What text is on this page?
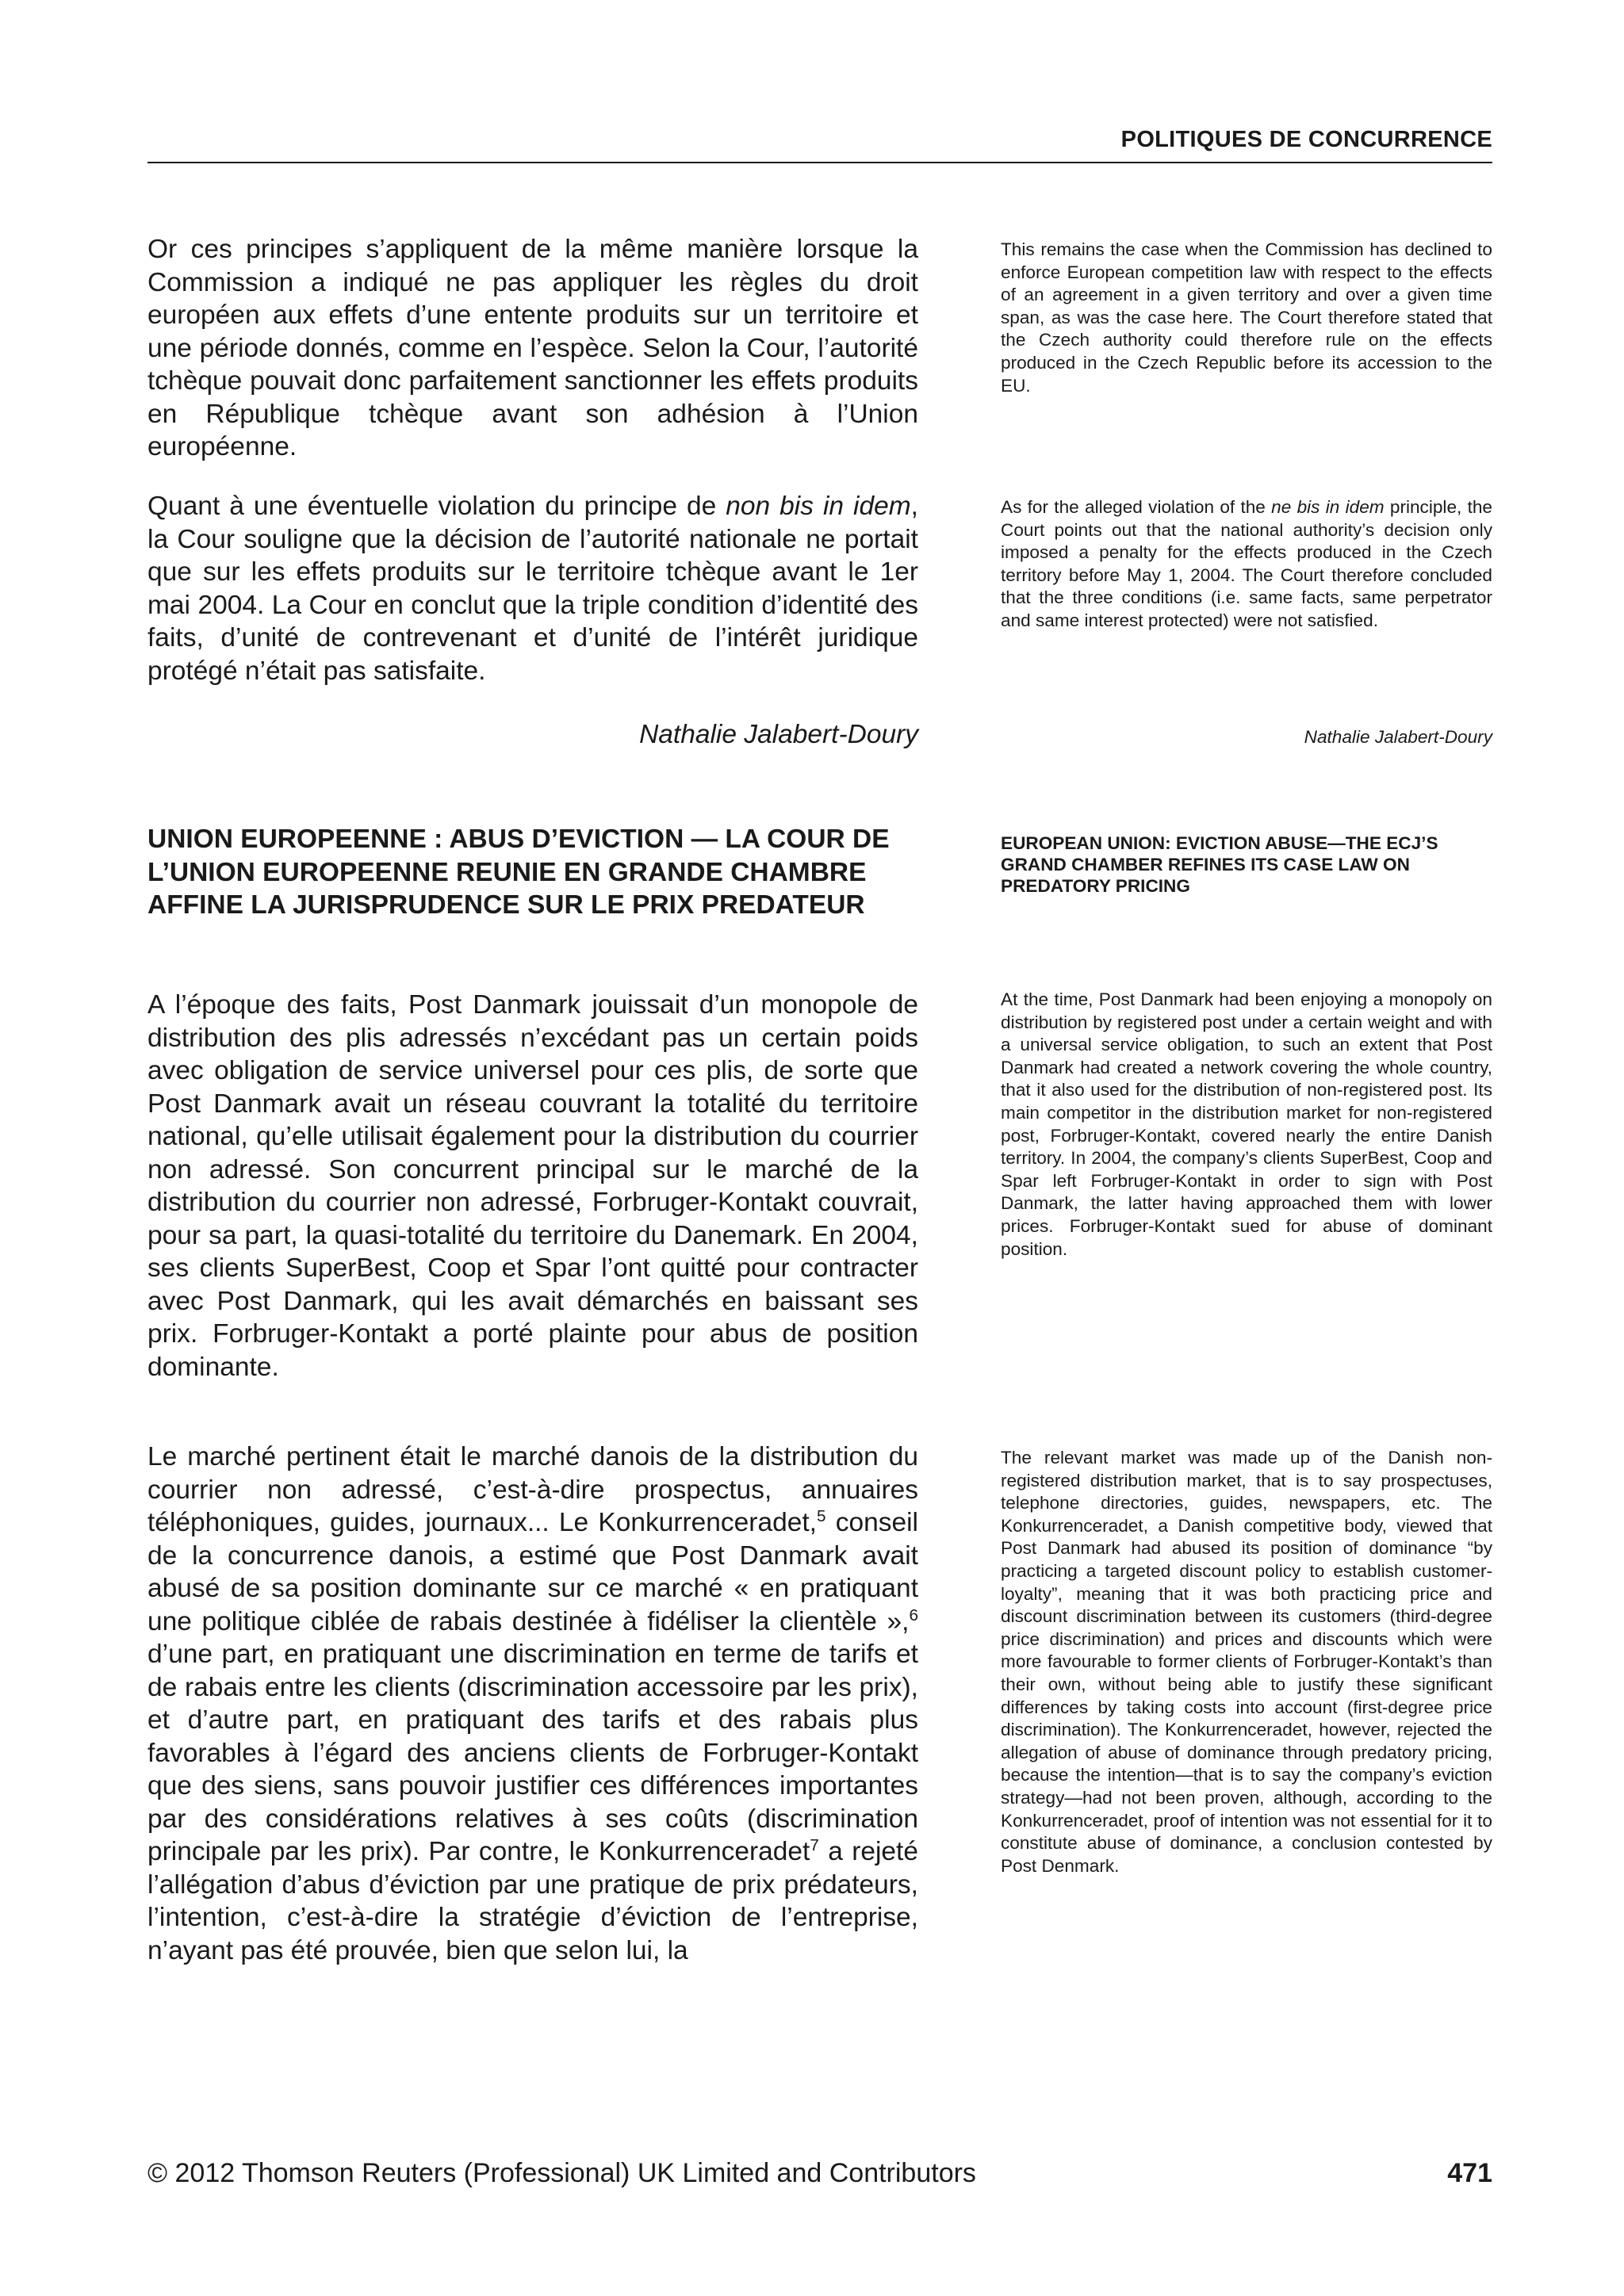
POLITIQUES DE CONCURRENCE

Or ces principes s’appliquent de la même manière lorsque la Commission a indiqué ne pas appliquer les règles du droit européen aux effets d’une entente produits sur un territoire et une période donnés, comme en l’espèce. Selon la Cour, l’autorité tchèque pouvait donc parfaitement sanctionner les effets produits en République tchèque avant son adhésion à l’Union européenne.

Quant à une éventuelle violation du principe de non bis in idem, la Cour souligne que la décision de l’autorité nationale ne portait que sur les effets produits sur le territoire tchèque avant le 1er mai 2004. La Cour en conclut que la triple condition d’identité des faits, d’unité de contrevenant et d’unité de l’intérêt juridique protégé n’était pas satisfaite.

Nathalie Jalabert-Doury

This remains the case when the Commission has declined to enforce European competition law with respect to the effects of an agreement in a given territory and over a given time span, as was the case here. The Court therefore stated that the Czech authority could therefore rule on the effects produced in the Czech Republic before its accession to the EU.

As for the alleged violation of the ne bis in idem principle, the Court points out that the national authority’s decision only imposed a penalty for the effects produced in the Czech territory before May 1, 2004. The Court therefore concluded that the three conditions (i.e. same facts, same perpetrator and same interest protected) were not satisfied.

Nathalie Jalabert-Doury
UNION EUROPEENNE : ABUS D’EVICTION — LA COUR DE L’UNION EUROPEENNE REUNIE EN GRANDE CHAMBRE AFFINE LA JURISPRUDENCE SUR LE PRIX PREDATEUR
EUROPEAN UNION: EVICTION ABUSE—THE ECJ’S GRAND CHAMBER REFINES ITS CASE LAW ON PREDATORY PRICING

A l’époque des faits, Post Danmark jouissait d’un monopole de distribution des plis adressés n’excédant pas un certain poids avec obligation de service universel pour ces plis, de sorte que Post Danmark avait un réseau couvrant la totalité du territoire national, qu’elle utilisait également pour la distribution du courrier non adressé. Son concurrent principal sur le marché de la distribution du courrier non adressé, Forbruger-Kontakt couvrait, pour sa part, la quasi-totalité du territoire du Danemark. En 2004, ses clients SuperBest, Coop et Spar l’ont quitté pour contracter avec Post Danmark, qui les avait démarchés en baissant ses prix. Forbruger-Kontakt a porté plainte pour abus de position dominante.

Le marché pertinent était le marché danois de la distribution du courrier non adressé, c’est-à-dire prospectus, annuaires téléphoniques, guides, journaux... Le Konkurrenceradet,$^5$ conseil de la concurrence danois, a estimé que Post Danmark avait abusé de sa position dominante sur ce marché « en pratiquant une politique ciblée de rabais destinée à fidéliser la clientèle »,$^6$ d’une part, en pratiquant une discrimination en terme de tarifs et de rabais entre les clients (discrimination accessoire par les prix), et d’autre part, en pratiquant des tarifs et des rabais plus favorables à l’égard des anciens clients de Forbruger-Kontakt que des siens, sans pouvoir justifier ces différences importantes par des considérations relatives à ses coûts (discrimination principale par les prix). Par contre, le Konkurrenceradet$^7$ a rejeté l’allégation d’abus d’éviction par une pratique de prix prédateurs, l’intention, c’est-à-dire la stratégie d’éviction de l’entreprise, n’ayant pas été prouvée, bien que selon lui, la

At the time, Post Danmark had been enjoying a monopoly on distribution by registered post under a certain weight and with a universal service obligation, to such an extent that Post Danmark had created a network covering the whole country, that it also used for the distribution of non-registered post. Its main competitor in the distribution market for non-registered post, Forbruger-Kontakt, covered nearly the entire Danish territory. In 2004, the company’s clients SuperBest, Coop and Spar left Forbruger-Kontakt in order to sign with Post Danmark, the latter having approached them with lower prices. Forbruger-Kontakt sued for abuse of dominant position.

The relevant market was made up of the Danish non-registered distribution market, that is to say prospectuses, telephone directories, guides, newspapers, etc. The Konkurrenceradet, a Danish competitive body, viewed that Post Danmark had abused its position of dominance “by practicing a targeted discount policy to establish customer-loyalty”, meaning that it was both practicing price and discount discrimination between its customers (third-degree price discrimination) and prices and discounts which were more favourable to former clients of Forbruger-Kontakt’s than their own, without being able to justify these significant differences by taking costs into account (first-degree price discrimination). The Konkurrenceradet, however, rejected the allegation of abuse of dominance through predatory pricing, because the intention—that is to say the company’s eviction strategy—had not been proven, although, according to the Konkurrenceradet, proof of intention was not essential for it to constitute abuse of dominance, a conclusion contested by Post Denmark.

© 2012 Thomson Reuters (Professional) UK Limited and Contributors	471
